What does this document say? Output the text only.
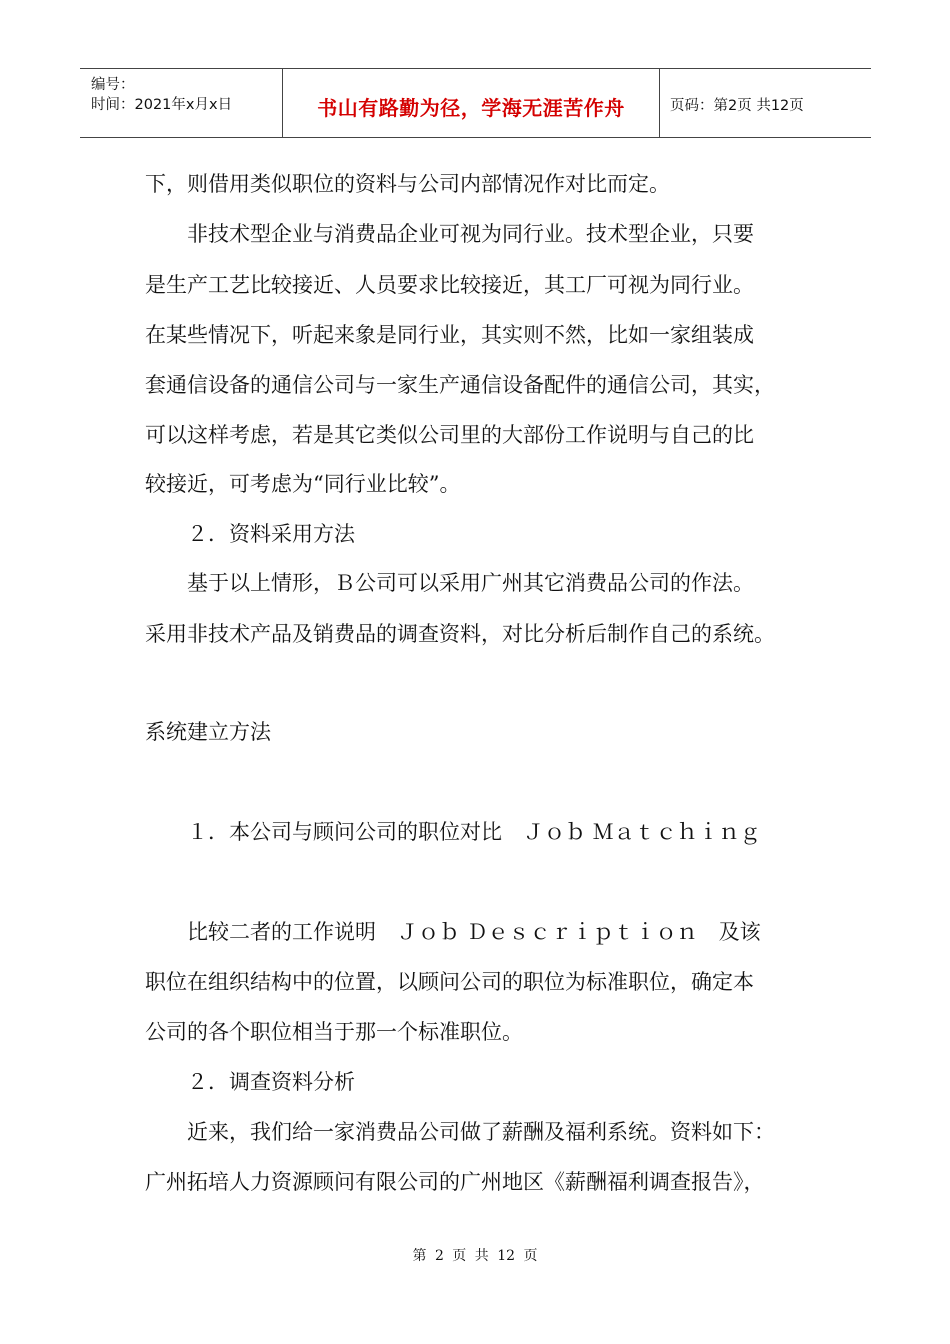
编号：
时间：2021年x月x日	书山有路勤为径，学海无涯苦作舟	页码：第2页 共12页
下，则借用类似职位的资料与公司内部情况作对比而定。
　　非技术型企业与消费品企业可视为同行业。技术型企业，只要
是生产工艺比较接近、人员要求比较接近，其工厂可视为同行业。
在某些情况下，听起来象是同行业，其实则不然，比如一家组装成
套通信设备的通信公司与一家生产通信设备配件的通信公司，其实，
可以这样考虑，若是其它类似公司里的大部份工作说明与自己的比
较接近，可考虑为“同行业比较”。
　　２．资料采用方法
　　基于以上情形，Ｂ公司可以采用广州其它消费品公司的作法。
采用非技术产品及销费品的调查资料，对比分析后制作自己的系统。
系统建立方法
　　１．本公司与顾问公司的职位对比　Ｊｏｂ Ｍａｔｃｈｉｎｇ
　　比较二者的工作说明　Ｊｏｂ Ｄｅｓｃｒｉｐｔｉｏｎ　及该
职位在组织结构中的位置，以顾问公司的职位为标准职位，确定本
公司的各个职位相当于那一个标准职位。
　　２．调查资料分析
　　近来，我们给一家消费品公司做了薪酬及福利系统。资料如下：
广州拓培人力资源顾问有限公司的广州地区《薪酬福利调查报告》，
第 2 页 共 12 页
